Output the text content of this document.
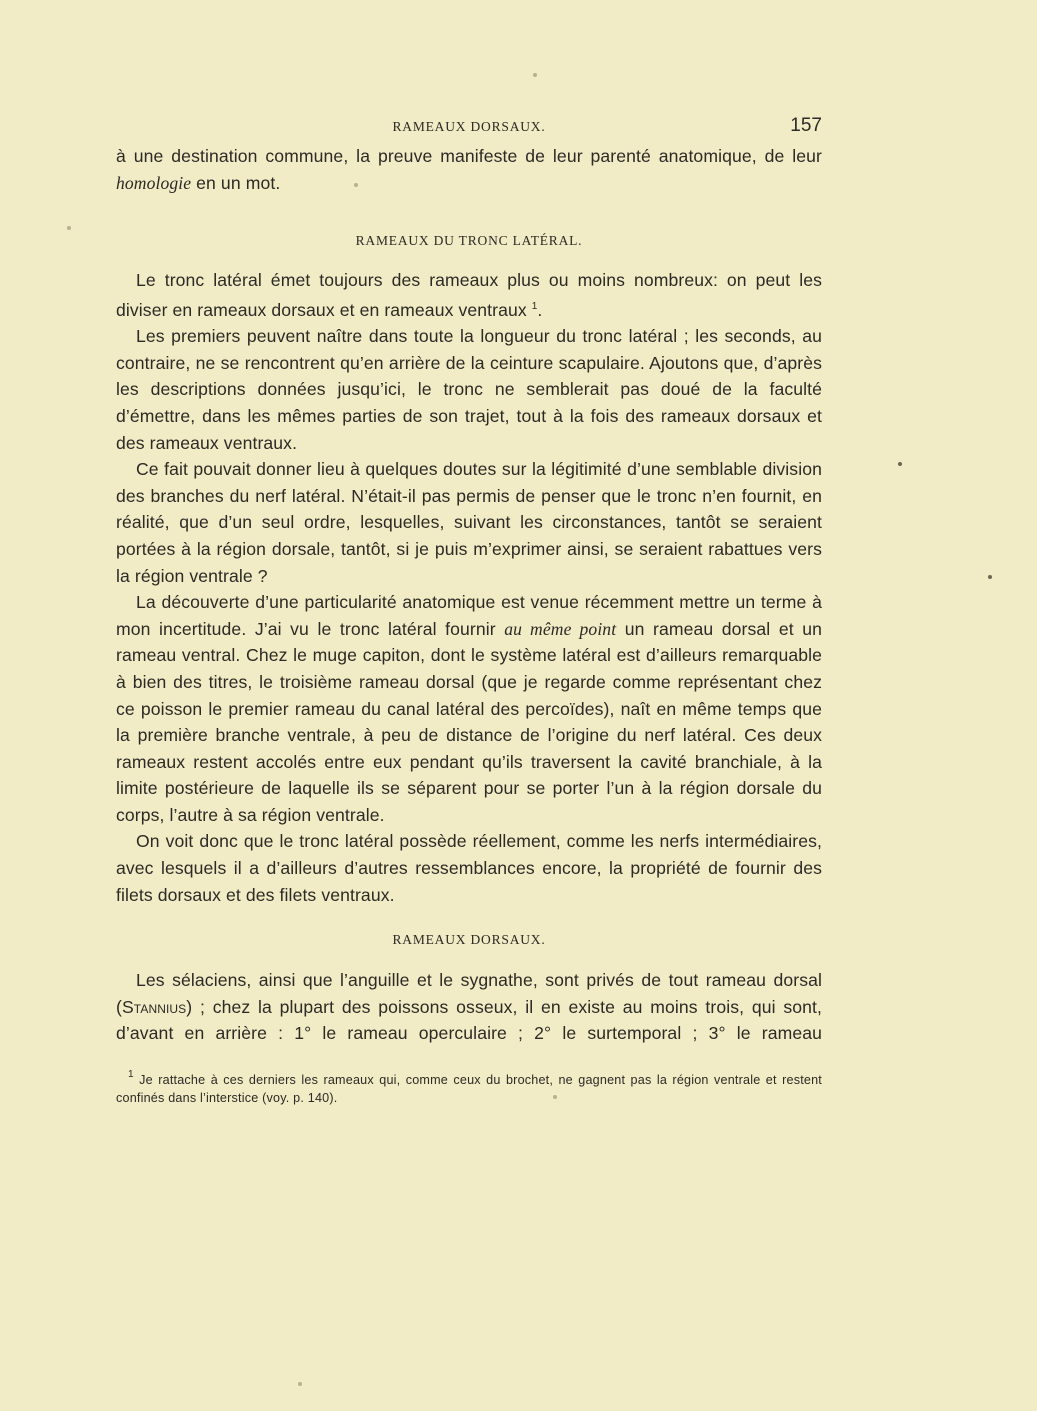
RAMEAUX DORSAUX.	157

à une destination commune, la preuve manifeste de leur parenté anatomique, de leur homologie en un mot.

RAMEAUX DU TRONC LATÉRAL.

Le tronc latéral émet toujours des rameaux plus ou moins nombreux: on peut les diviser en rameaux dorsaux et en rameaux ventraux $^1$.

Les premiers peuvent naître dans toute la longueur du tronc latéral ; les seconds, au contraire, ne se rencontrent qu’en arrière de la ceinture scapulaire. Ajoutons que, d’après les descriptions données jusqu’ici, le tronc ne semblerait pas doué de la faculté d’émettre, dans les mêmes parties de son trajet, tout à la fois des rameaux dorsaux et des rameaux ventraux.

Ce fait pouvait donner lieu à quelques doutes sur la légitimité d’une semblable division des branches du nerf latéral. N’était-il pas permis de penser que le tronc n’en fournit, en réalité, que d’un seul ordre, lesquelles, suivant les circonstances, tantôt se seraient portées à la région dorsale, tantôt, si je puis m’exprimer ainsi, se seraient rabattues vers la région ventrale ?

La découverte d’une particularité anatomique est venue récemment mettre un terme à mon incertitude. J’ai vu le tronc latéral fournir au même point un rameau dorsal et un rameau ventral. Chez le muge capiton, dont le système latéral est d’ailleurs remarquable à bien des titres, le troisième rameau dorsal (que je regarde comme représentant chez ce poisson le premier rameau du canal latéral des percoïdes), naît en même temps que la première branche ventrale, à peu de distance de l’origine du nerf latéral. Ces deux rameaux restent accolés entre eux pendant qu’ils traversent la cavité branchiale, à la limite postérieure de laquelle ils se séparent pour se porter l’un à la région dorsale du corps, l’autre à sa région ventrale.

On voit donc que le tronc latéral possède réellement, comme les nerfs intermédiaires, avec lesquels il a d’ailleurs d’autres ressemblances encore, la propriété de fournir des filets dorsaux et des filets ventraux.

RAMEAUX DORSAUX.

Les sélaciens, ainsi que l’anguille et le sygnathe, sont privés de tout rameau dorsal (Stannius) ; chez la plupart des poissons osseux, il en existe au moins trois, qui sont, d’avant en arrière : 1° le rameau operculaire ; 2° le surtemporal ; 3° le rameau

$^1$ Je rattache à ces derniers les rameaux qui, comme ceux du brochet, ne gagnent pas la région ventrale et restent confinés dans l’interstice (voy. p. 140).
